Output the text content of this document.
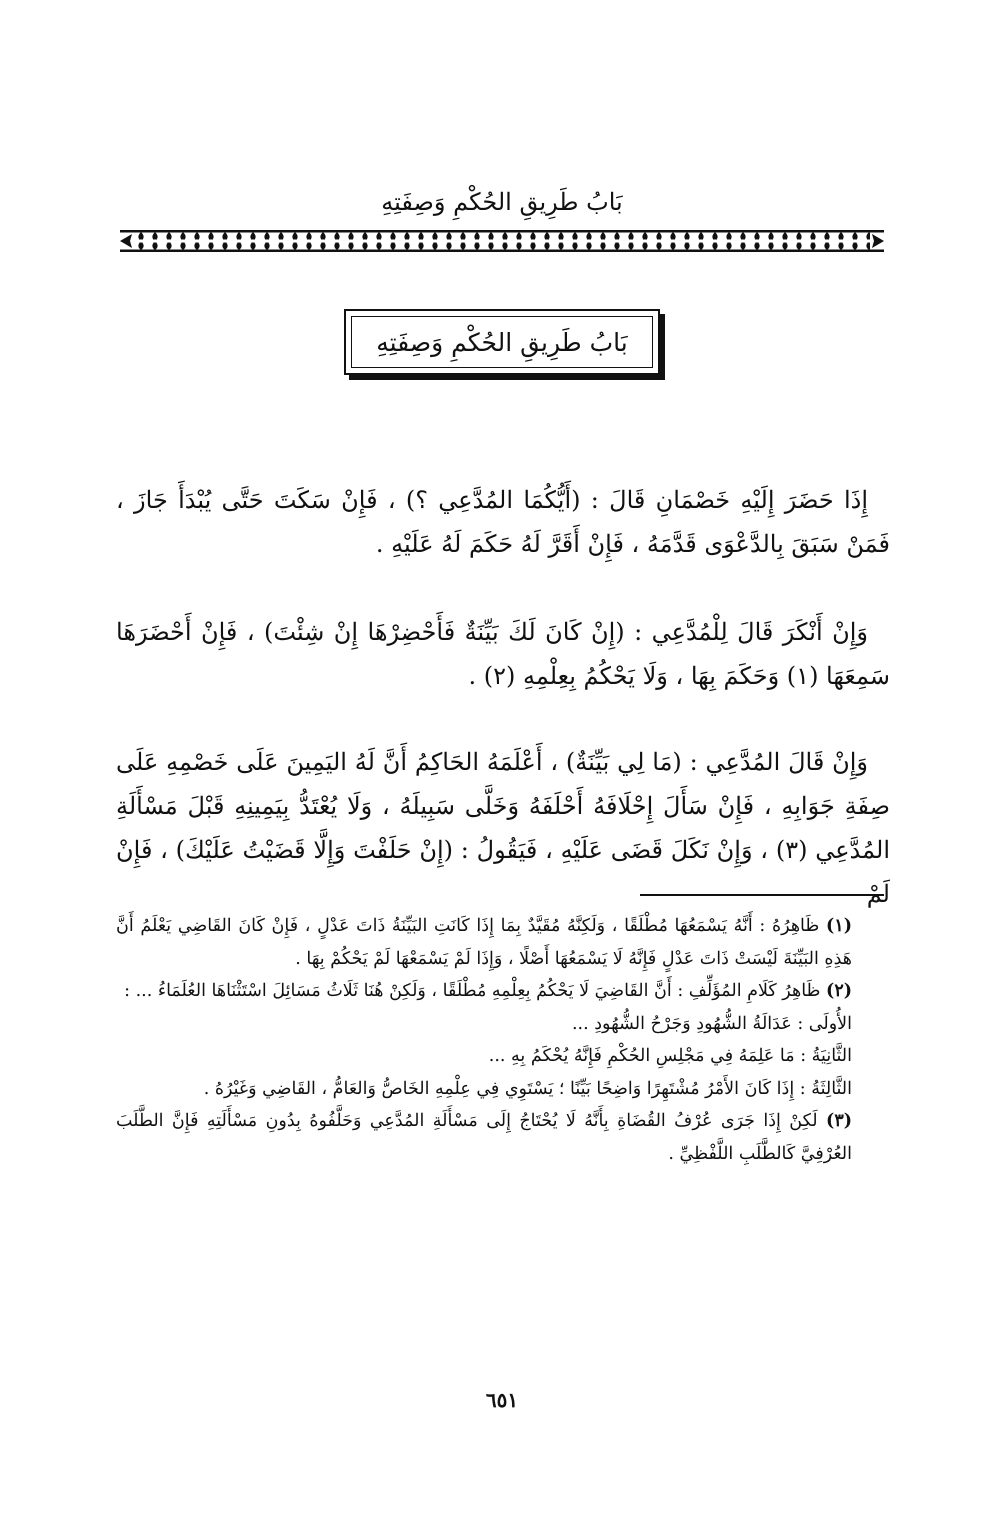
بَابُ طَرِيقِ الحُكْمِ وَصِفَتِهِ
بَابُ طَرِيقِ الحُكْمِ وَصِفَتِهِ

إِذَا حَضَرَ إِلَيْهِ خَصْمَانِ قَالَ : (أَيُّكُمَا المُدَّعِي ؟) ، فَإِنْ سَكَتَ حَتَّى يُبْدَأَ جَازَ ، فَمَنْ سَبَقَ بِالدَّعْوَى قَدَّمَهُ ، فَإِنْ أَقَرَّ لَهُ حَكَمَ لَهُ عَلَيْهِ .

وَإِنْ أَنْكَرَ قَالَ لِلْمُدَّعِي : (إِنْ كَانَ لَكَ بَيِّنَةٌ فَأَحْضِرْهَا إِنْ شِئْتَ) ، فَإِنْ أَحْضَرَهَا سَمِعَهَا (١) وَحَكَمَ بِهَا ، وَلَا يَحْكُمُ بِعِلْمِهِ (٢) .

وَإِنْ قَالَ المُدَّعِي : (مَا لِي بَيِّنَةٌ) ، أَعْلَمَهُ الحَاكِمُ أَنَّ لَهُ اليَمِينَ عَلَى خَصْمِهِ عَلَى صِفَةِ جَوَابِهِ ، فَإِنْ سَأَلَ إِحْلَافَهُ أَحْلَفَهُ وَخَلَّى سَبِيلَهُ ، وَلَا يُعْتَدُّ بِيَمِينِهِ قَبْلَ مَسْأَلَةِ المُدَّعِي (٣) ، وَإِنْ نَكَلَ قَضَى عَلَيْهِ ، فَيَقُولُ : (إِنْ حَلَفْتَ وَإِلَّا قَضَيْتُ عَلَيْكَ) ، فَإِنْ لَمْ

(١) ظَاهِرُهُ : أَنَّهُ يَسْمَعُهَا مُطْلَقًا ، وَلَكِنَّهُ مُقَيَّدٌ بِمَا إِذَا كَانَتِ البَيِّنَةُ ذَاتَ عَدْلٍ ، فَإِنْ كَانَ القَاضِي يَعْلَمُ أَنَّ هَذِهِ البَيِّنَةَ لَيْسَتْ ذَاتَ عَدْلٍ فَإِنَّهُ لَا يَسْمَعُهَا أَصْلًا ، وَإِذَا لَمْ يَسْمَعْهَا لَمْ يَحْكُمْ بِهَا .

(٢) ظَاهِرُ كَلَامِ المُؤَلِّفِ : أَنَّ القَاضِيَ لَا يَحْكُمُ بِعِلْمِهِ مُطْلَقًا ، وَلَكِنْ هُنَا ثَلَاثُ مَسَائِلَ اسْتَثْنَاهَا العُلَمَاءُ ... :

الأُولَى : عَدَالَةُ الشُّهُودِ وَجَرْحُ الشُّهُودِ ...

الثَّانِيَةُ : مَا عَلِمَهُ فِي مَجْلِسِ الحُكْمِ فَإِنَّهُ يُحْكَمُ بِهِ ...

الثَّالِثَةُ : إِذَا كَانَ الأَمْرُ مُشْتَهِرًا وَاضِحًا بَيِّنًا ؛ يَسْتَوِي فِي عِلْمِهِ الخَاصُّ وَالعَامُّ ، القَاضِي وَغَيْرُهُ .

(٣) لَكِنْ إِذَا جَرَى عُرْفُ القُضَاةِ بِأَنَّهُ لَا يُحْتَاجُ إِلَى مَسْأَلَةِ المُدَّعِي وَحَلَّفُوهُ بِدُونِ مَسْأَلَتِهِ فَإِنَّ الطَّلَبَ العُرْفِيَّ كَالطَّلَبِ اللَّفْظِيِّ .

٦٥١
